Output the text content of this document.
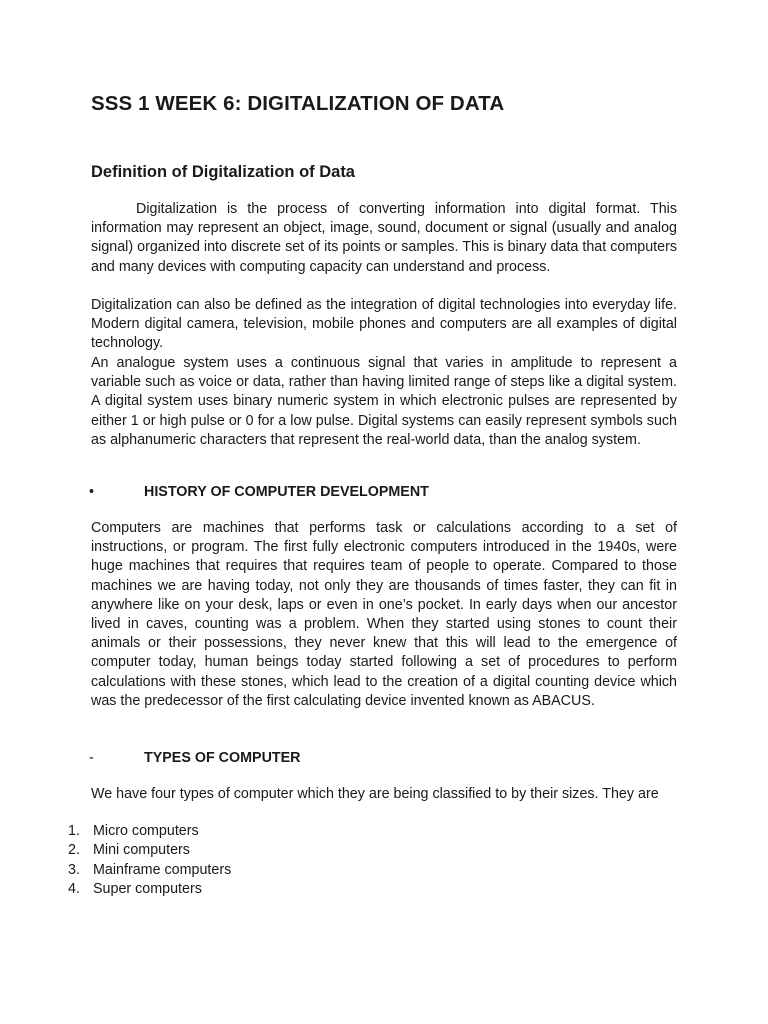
SSS 1 WEEK 6: DIGITALIZATION OF DATA
Definition of Digitalization of Data

Digitalization is the process of converting information into digital format. This information may represent an object, image, sound, document or signal (usually and analog signal) organized into discrete set of its points or samples. This is binary data that computers and many devices with computing capacity can understand and process.

Digitalization can also be defined as the integration of digital technologies into everyday life. Modern digital camera, television, mobile phones and computers are all examples of digital technology.

An analogue system uses a continuous signal that varies in amplitude to represent a variable such as voice or data, rather than having limited range of steps like a digital system. A digital system uses binary numeric system in which electronic pulses are represented by either 1 or high pulse or 0 for a low pulse. Digital systems can easily represent symbols such as alphanumeric characters that represent the real-world data, than the analog system.

•	HISTORY OF COMPUTER DEVELOPMENT

Computers are machines that performs task or calculations according to a set of instructions, or program. The first fully electronic computers introduced in the 1940s, were huge machines that requires that requires team of people to operate. Compared to those machines we are having today, not only they are thousands of times faster, they can fit in anywhere like on your desk, laps or even in one’s pocket. In early days when our ancestor lived in caves, counting was a problem. When they started using stones to count their animals or their possessions, they never knew that this will lead to the emergence of computer today, human beings today started following a set of procedures to perform calculations with these stones, which lead to the creation of a digital counting device which was the predecessor of the first calculating device invented known as ABACUS.

-	TYPES OF COMPUTER

We have four types of computer which they are being classified to by their sizes. They are

1. Micro computers
2. Mini computers
3. Mainframe computers
4. Super computers
